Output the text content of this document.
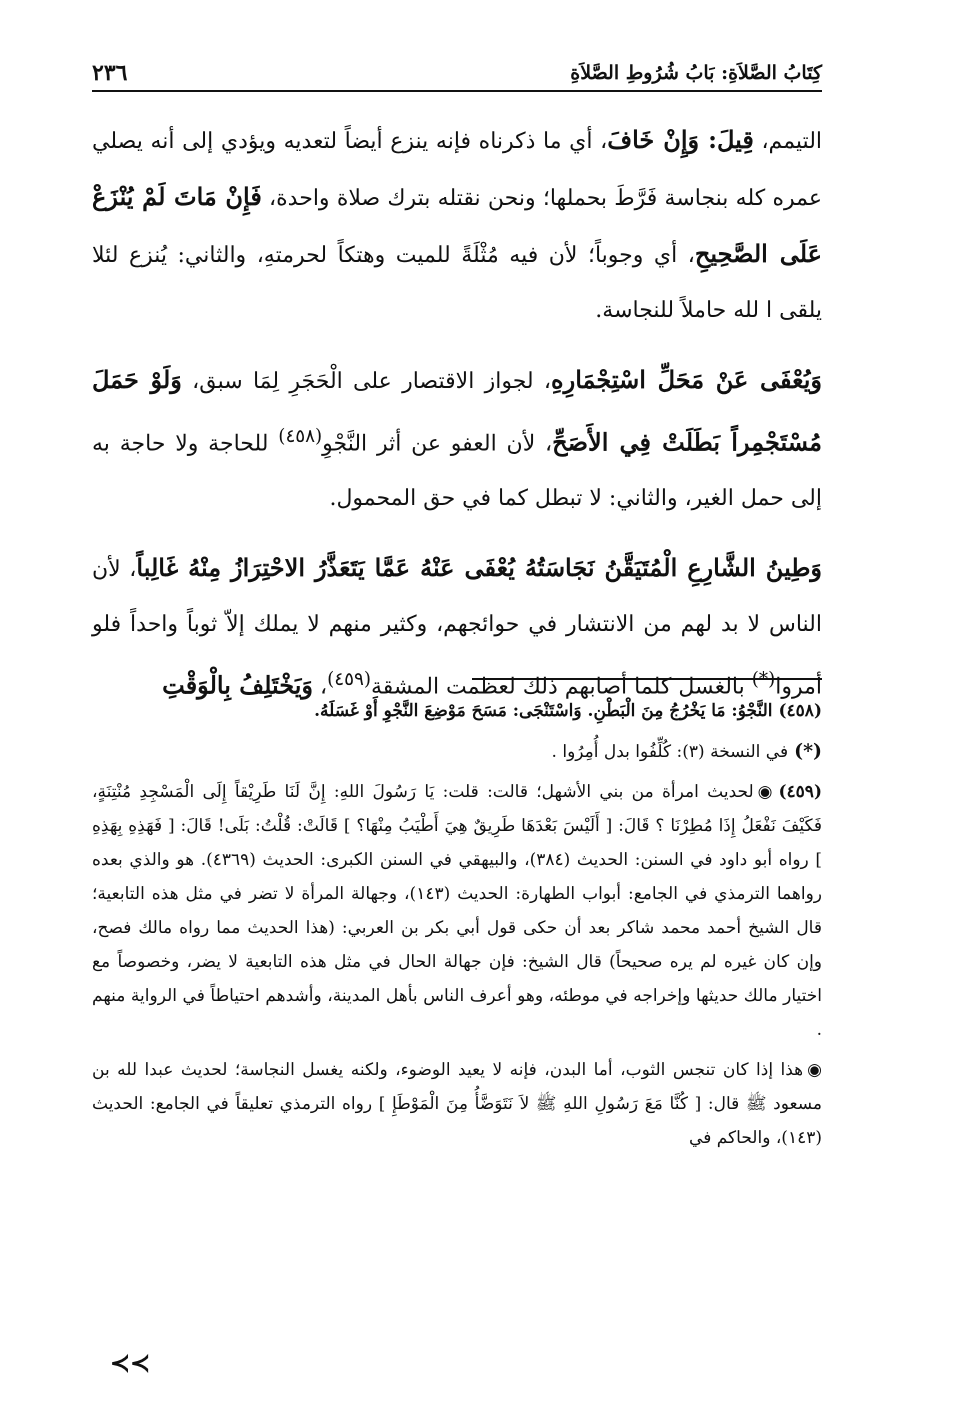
كِتَابُ الصَّلاَةِ: بَابُ شُرُوطِ الصَّلاَةِ
٢٣٦

التيمم، قِيلَ: وَإِنْ خَافَ، أي ما ذكرناه فإنه ينزع أيضاً لتعديه ويؤدي إلى أنه يصلي عمره كله بنجاسة فَرَّطَ بحملها؛ ونحن نقتله بترك صلاة واحدة، فَإِنْ مَاتَ لَمْ يُنْزَعْ عَلَى الصَّحِيحِ، أي وجوباً؛ لأن فيه مُثْلَةً للميت وهتكاً لحرمتهِ، والثاني: يُنزع لئلا يلقى ا لله حاملاً للنجاسة.

وَيُعْفَى عَنْ مَحَلِّ اسْتِجْمَارِهِ، لجواز الاقتصار على الْحَجَرِ لِمَا سبق، وَلَوْ حَمَلَ مُسْتَجْمِراً بَطَلَتْ فِي الأَصَحِّ، لأن العفو عن أثر النَّجْوِ$^{(٤٥٨)}$ للحاجة ولا حاجة به إلى حمل الغير، والثاني: لا تبطل كما في حق المحمول.

وَطِينُ الشَّارِعِ الْمُتَيَقَّنُ نَجَاسَتُهُ يُعْفَى عَنْهُ عَمَّا يَتَعَذَّرُ الاحْتِرَازُ مِنْهُ غَالِباً، لأن الناس لا بد لهم من الانتشار في حوائجهم، وكثير منهم لا يملك إلاّ ثوباً واحداً فلو أمروا(*) بالغسل كلما أصابهم ذلك لعظمت المشقة$^{(٤٥٩)}$، وَيَخْتَلِفُ بِالْوَقْتِ

(٤٥٨)النَّجْوُ: مَا يَخْرُجُ مِنَ الْبَطْنِ. وَاسْتَنْجَى: مَسَحَ مَوْضِعَ النَّجْوِ أَوْ غَسَلَهُ.

(*)في النسخة (٣): كُلِّفُوا بدل أُمِرُوا .

(٤٥٩)◉لحديث امرأة من بني الأشهل؛ قالت: قلت: يَا رَسُولَ اللهِ: إِنَّ لَنَا طَرِيْقاً إِلَى الْمَسْجِدِ مُنْتِنَةٍ، فَكَيْفَ نَفْعَلُ إِذَا مُطِرْنَا ؟ قَالَ: [ أَلَيْسَ بَعْدَهَا طَرِيقٌ هِيَ أَطْيَبُ مِنْهَا؟ ] قَالَتْ: قُلْتُ: بَلَى! قَالَ: [ فَهَذِهِ بِهَذِهِ ] رواه أبو داود في السنن: الحديث (٣٨٤)، والبيهقي في السنن الكبرى: الحديث (٤٣٦٩). هو والذي بعده رواهما الترمذي في الجامع: أبواب الطهارة: الحديث (١٤٣)، وجهالة المرأة لا تضر في مثل هذه التابعية؛ قال الشيخ أحمد محمد شاكر بعد أن حكى قول أبي بكر بن العربي: (هذا الحديث مما رواه مالك فصح، وإن كان غيره لم يره صحيحاً) قال الشيخ: فإن جهالة الحال في مثل هذه التابعية لا يضر، وخصوصاً مع اختيار مالك حديثها وإخراجه في موطئه، وهو أعرف الناس بأهل المدينة، وأشدهم احتياطاً في الرواية منهم .

◉هذا إذا كان تنجس الثوب، أما البدن، فإنه لا يعيد الوضوء، ولكنه يغسل النجاسة؛ لحديث عبدا لله بن مسعود ﷺ قال: [ كُنَّا مَعَ رَسُولِ اللهِ ﷺ لاَ نَتَوَضَّأُ مِنَ الْمَوْطَإِ ] رواه الترمذي تعليقاً في الجامع: الحديث (١٤٣)، والحاكم في

≺≺
